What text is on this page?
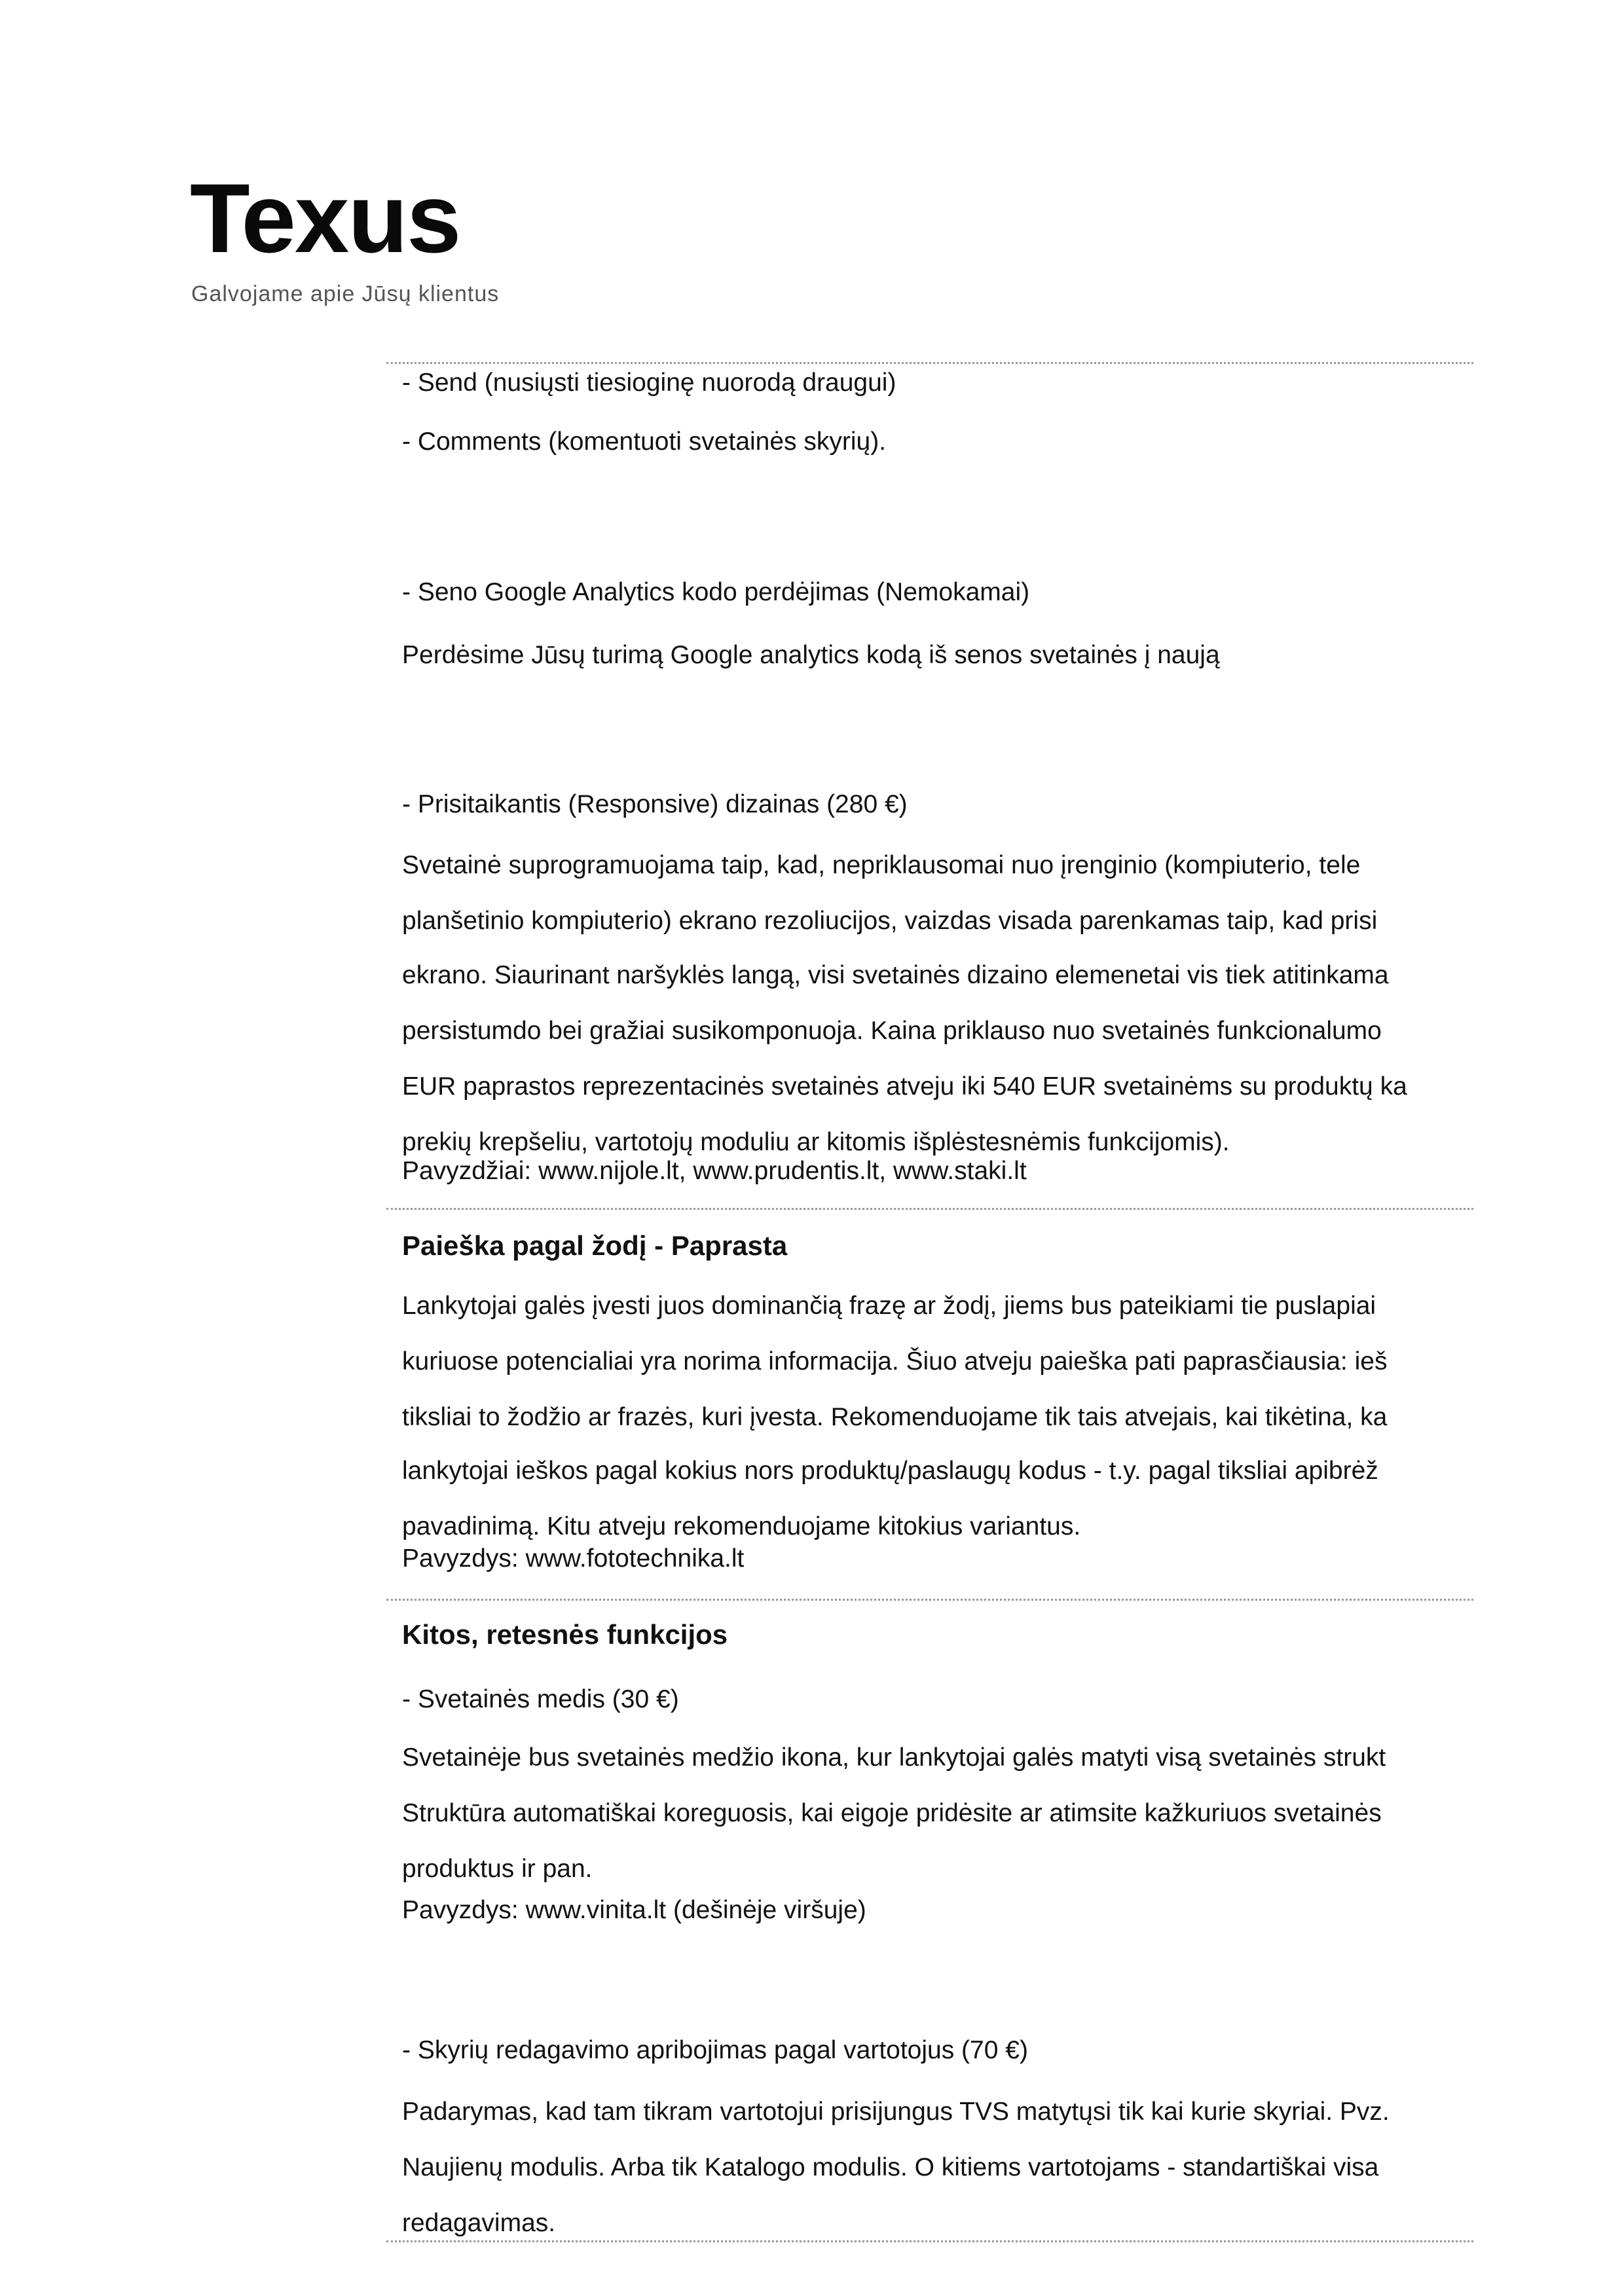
Texus
Galvojame apie Jūsų klientus
- Send (nusiųsti tiesioginę nuorodą draugui)
- Comments (komentuoti svetainės skyrių).
- Seno Google Analytics kodo perdėjimas (Nemokamai)
Perdėsime Jūsų turimą Google analytics kodą iš senos svetainės į naują
- Prisitaikantis (Responsive) dizainas (280 €)
Svetainė suprogramuojama taip, kad, nepriklausomai nuo įrenginio (kompiuterio, tele
planšetinio kompiuterio) ekrano rezoliucijos, vaizdas visada parenkamas taip, kad prisi
ekrano. Siaurinant naršyklės langą, visi svetainės dizaino elemenetai vis tiek atitinkama
persistumdo bei gražiai susikomponuoja. Kaina priklauso nuo svetainės funkcionalumo
EUR paprastos reprezentacinės svetainės atveju iki 540 EUR svetainėms su produktų ka
prekių krepšeliu, vartotojų moduliu ar kitomis išplėstesnėmis funkcijomis).
Pavyzdžiai: www.nijole.lt, www.prudentis.lt, www.staki.lt
Paieška pagal žodį - Paprasta
Lankytojai galės įvesti juos dominančią frazę ar žodį, jiems bus pateikiami tie puslapiai
kuriuose potencialiai yra norima informacija. Šiuo atveju paieška pati paprasčiausia: ieš
tiksliai to žodžio ar frazės, kuri įvesta. Rekomenduojame tik tais atvejais, kai tikėtina, ka
lankytojai ieškos pagal kokius nors produktų/paslaugų kodus - t.y. pagal tiksliai apibrėž
pavadinimą. Kitu atveju rekomenduojame kitokius variantus.
Pavyzdys: www.fototechnika.lt
Kitos, retesnės funkcijos
- Svetainės medis (30 €)
Svetainėje bus svetainės medžio ikona, kur lankytojai galės matyti visą svetainės strukt
Struktūra automatiškai koreguosis, kai eigoje pridėsite ar atimsite kažkuriuos svetainės
produktus ir pan.
Pavyzdys: www.vinita.lt (dešinėje viršuje)
- Skyrių redagavimo apribojimas pagal vartotojus (70 €)
Padarymas, kad tam tikram vartotojui prisijungus TVS matytųsi tik kai kurie skyriai. Pvz.
Naujienų modulis. Arba tik Katalogo modulis. O kitiems vartotojams - standartiškai visa
redagavimas.
